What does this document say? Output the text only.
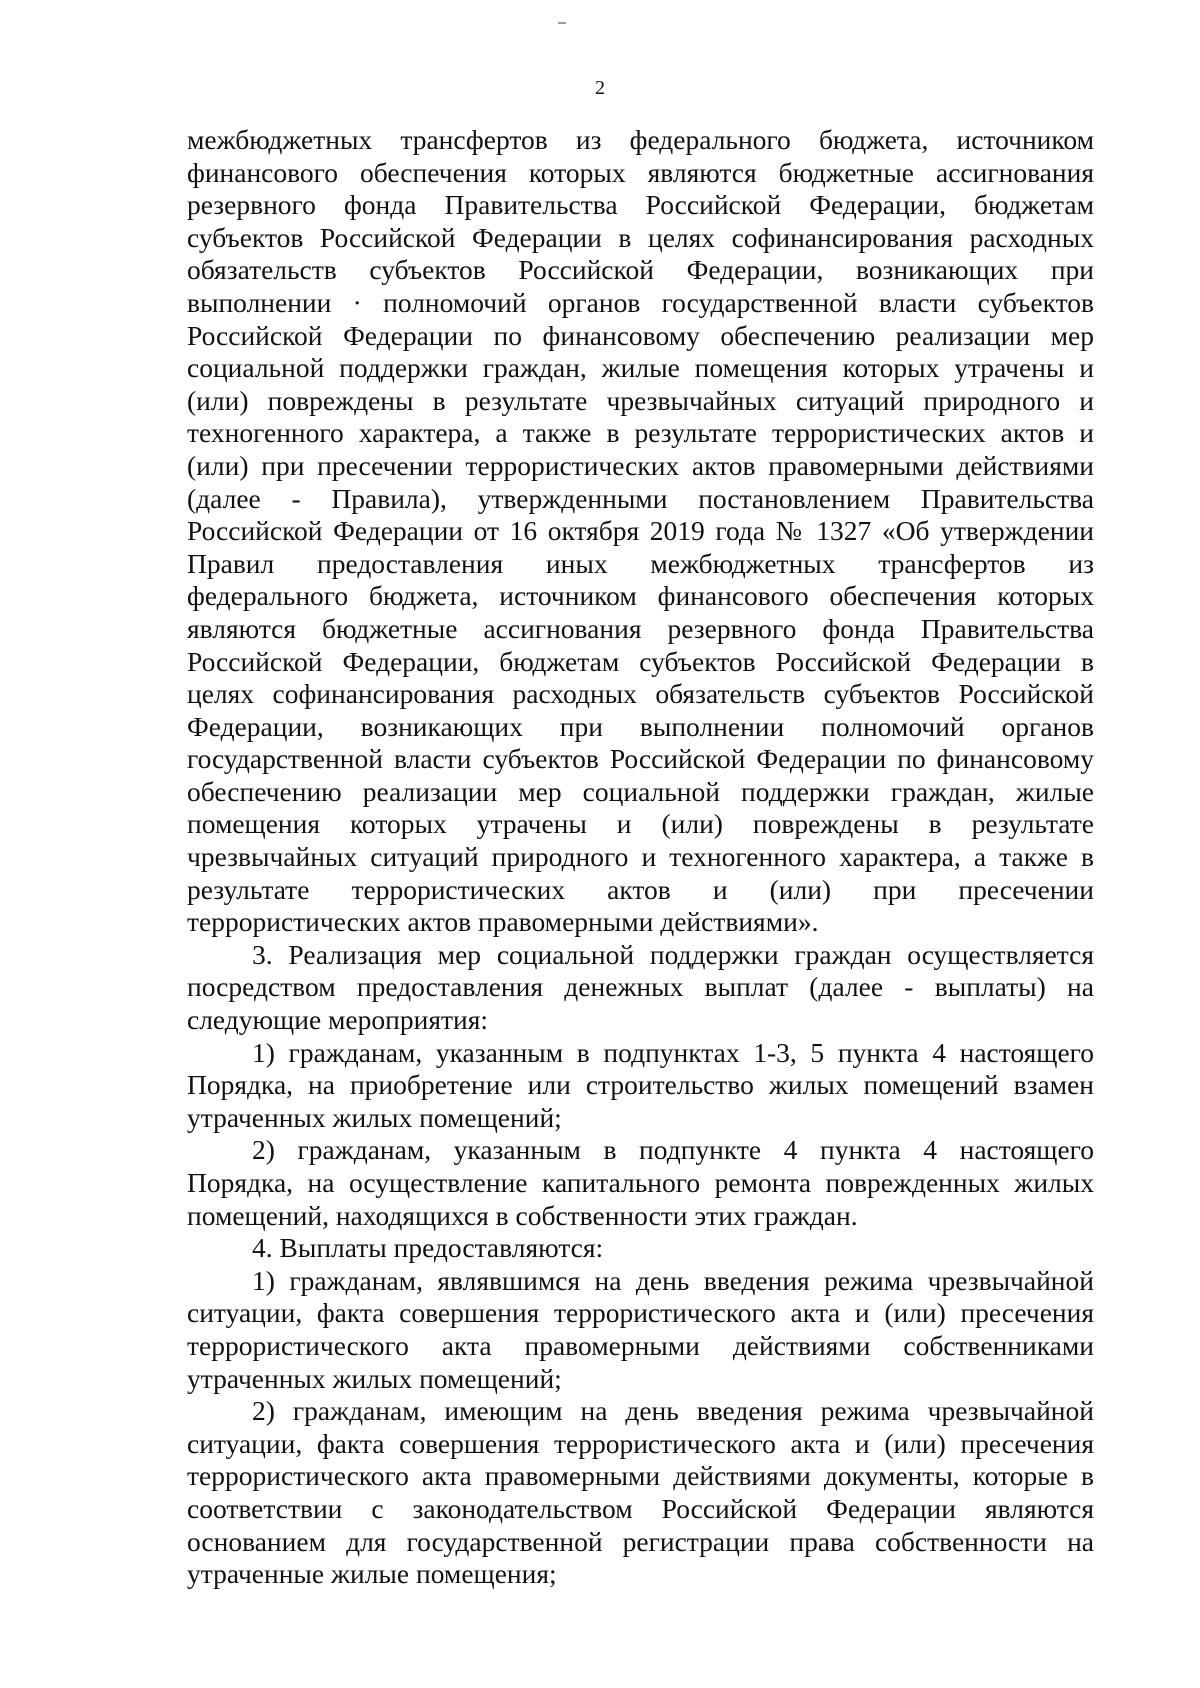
2
межбюджетных трансфертов из федерального бюджета, источником
финансового обеспечения которых являются бюджетные ассигнования
резервного фонда Правительства Российской Федерации, бюджетам
субъектов Российской Федерации в целях софинансирования расходных
обязательств субъектов Российской Федерации, возникающих при
выполнении · полномочий органов государственной власти субъектов
Российской Федерации по финансовому обеспечению реализации мер
социальной поддержки граждан, жилые помещения которых утрачены и
(или) повреждены в результате чрезвычайных ситуаций природного и
техногенного характера, а также в результате террористических актов и
(или) при пресечении террористических актов правомерными действиями
(далее - Правила), утвержденными постановлением Правительства
Российской Федерации от 16 октября 2019 года № 1327 «Об утверждении
Правил предоставления иных межбюджетных трансфертов из
федерального бюджета, источником финансового обеспечения которых
являются бюджетные ассигнования резервного фонда Правительства
Российской Федерации, бюджетам субъектов Российской Федерации в
целях софинансирования расходных обязательств субъектов Российской
Федерации, возникающих при выполнении полномочий органов
государственной власти субъектов Российской Федерации по финансовому
обеспечению реализации мер социальной поддержки граждан, жилые
помещения которых утрачены и (или) повреждены в результате
чрезвычайных ситуаций природного и техногенного характера, а также в
результате террористических актов и (или) при пресечении
террористических актов правомерными действиями».
3. Реализация мер социальной поддержки граждан осуществляется
посредством предоставления денежных выплат (далее - выплаты) на
следующие мероприятия:
1) гражданам, указанным в подпунктах 1-3, 5 пункта 4 настоящего
Порядка, на приобретение или строительство жилых помещений взамен
утраченных жилых помещений;
2) гражданам, указанным в подпункте 4 пункта 4 настоящего
Порядка, на осуществление капитального ремонта поврежденных жилых
помещений, находящихся в собственности этих граждан.
4. Выплаты предоставляются:
1) гражданам, являвшимся на день введения режима чрезвычайной
ситуации, факта совершения террористического акта и (или) пресечения
террористического акта правомерными действиями собственниками
утраченных жилых помещений;
2) гражданам, имеющим на день введения режима чрезвычайной
ситуации, факта совершения террористического акта и (или) пресечения
террористического акта правомерными действиями документы, которые в
соответствии с законодательством Российской Федерации являются
основанием для государственной регистрации права собственности на
утраченные жилые помещения;
